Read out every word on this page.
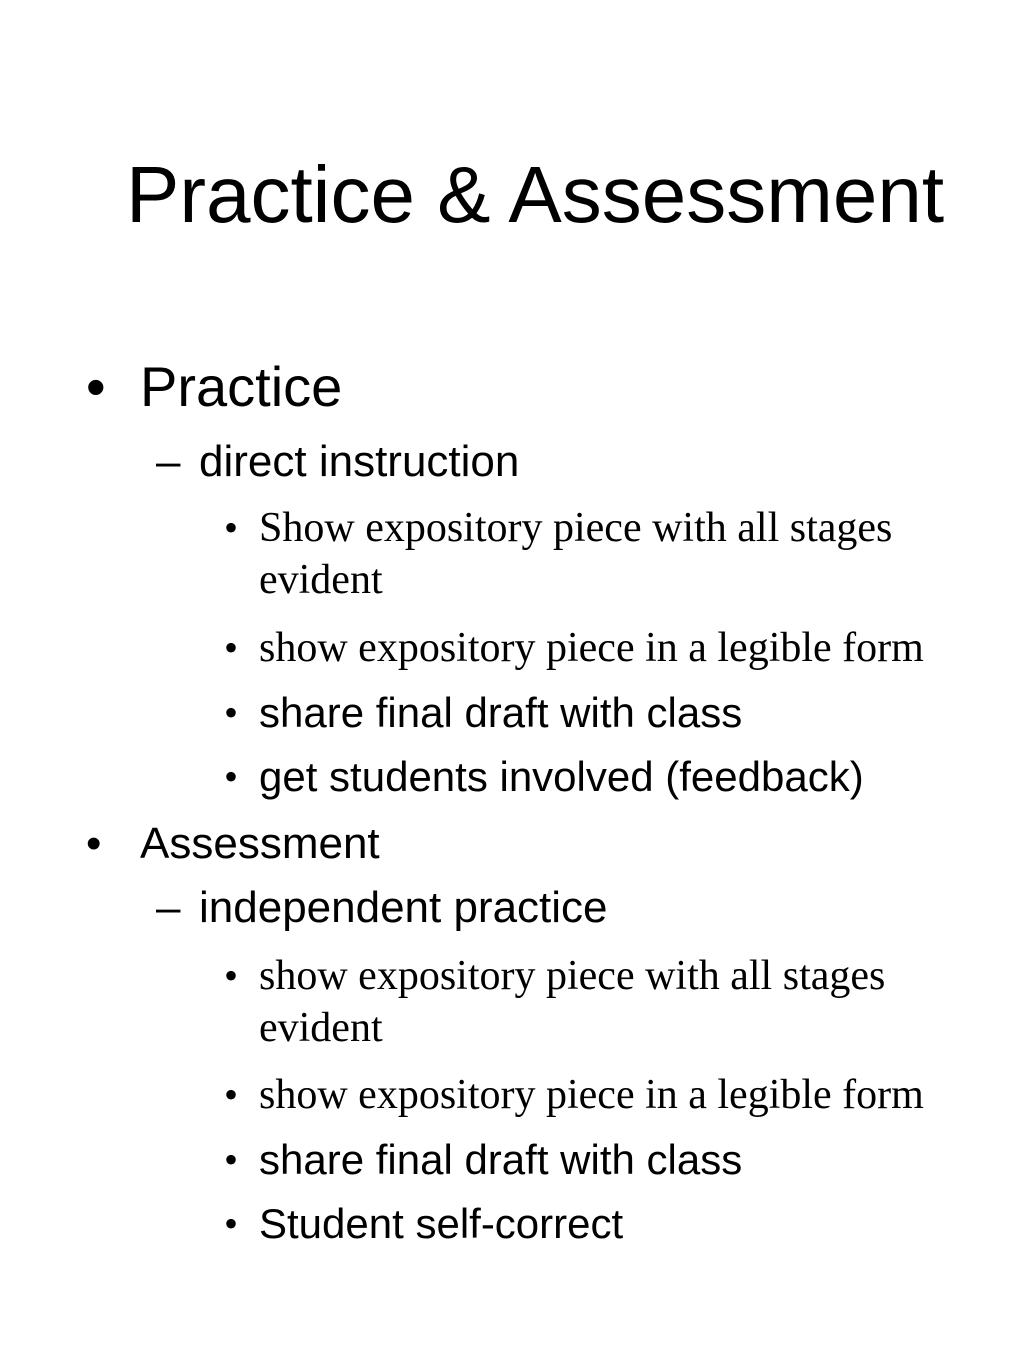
Practice & Assessment
• Practice
– direct instruction
• Show expository piece with all stages evident
• show expository piece in a legible form
• share final draft with class
• get students involved (feedback)
• Assessment
– independent practice
• show expository piece with all stages evident
• show expository piece in a legible form
• share final draft with class
• Student self-correct
